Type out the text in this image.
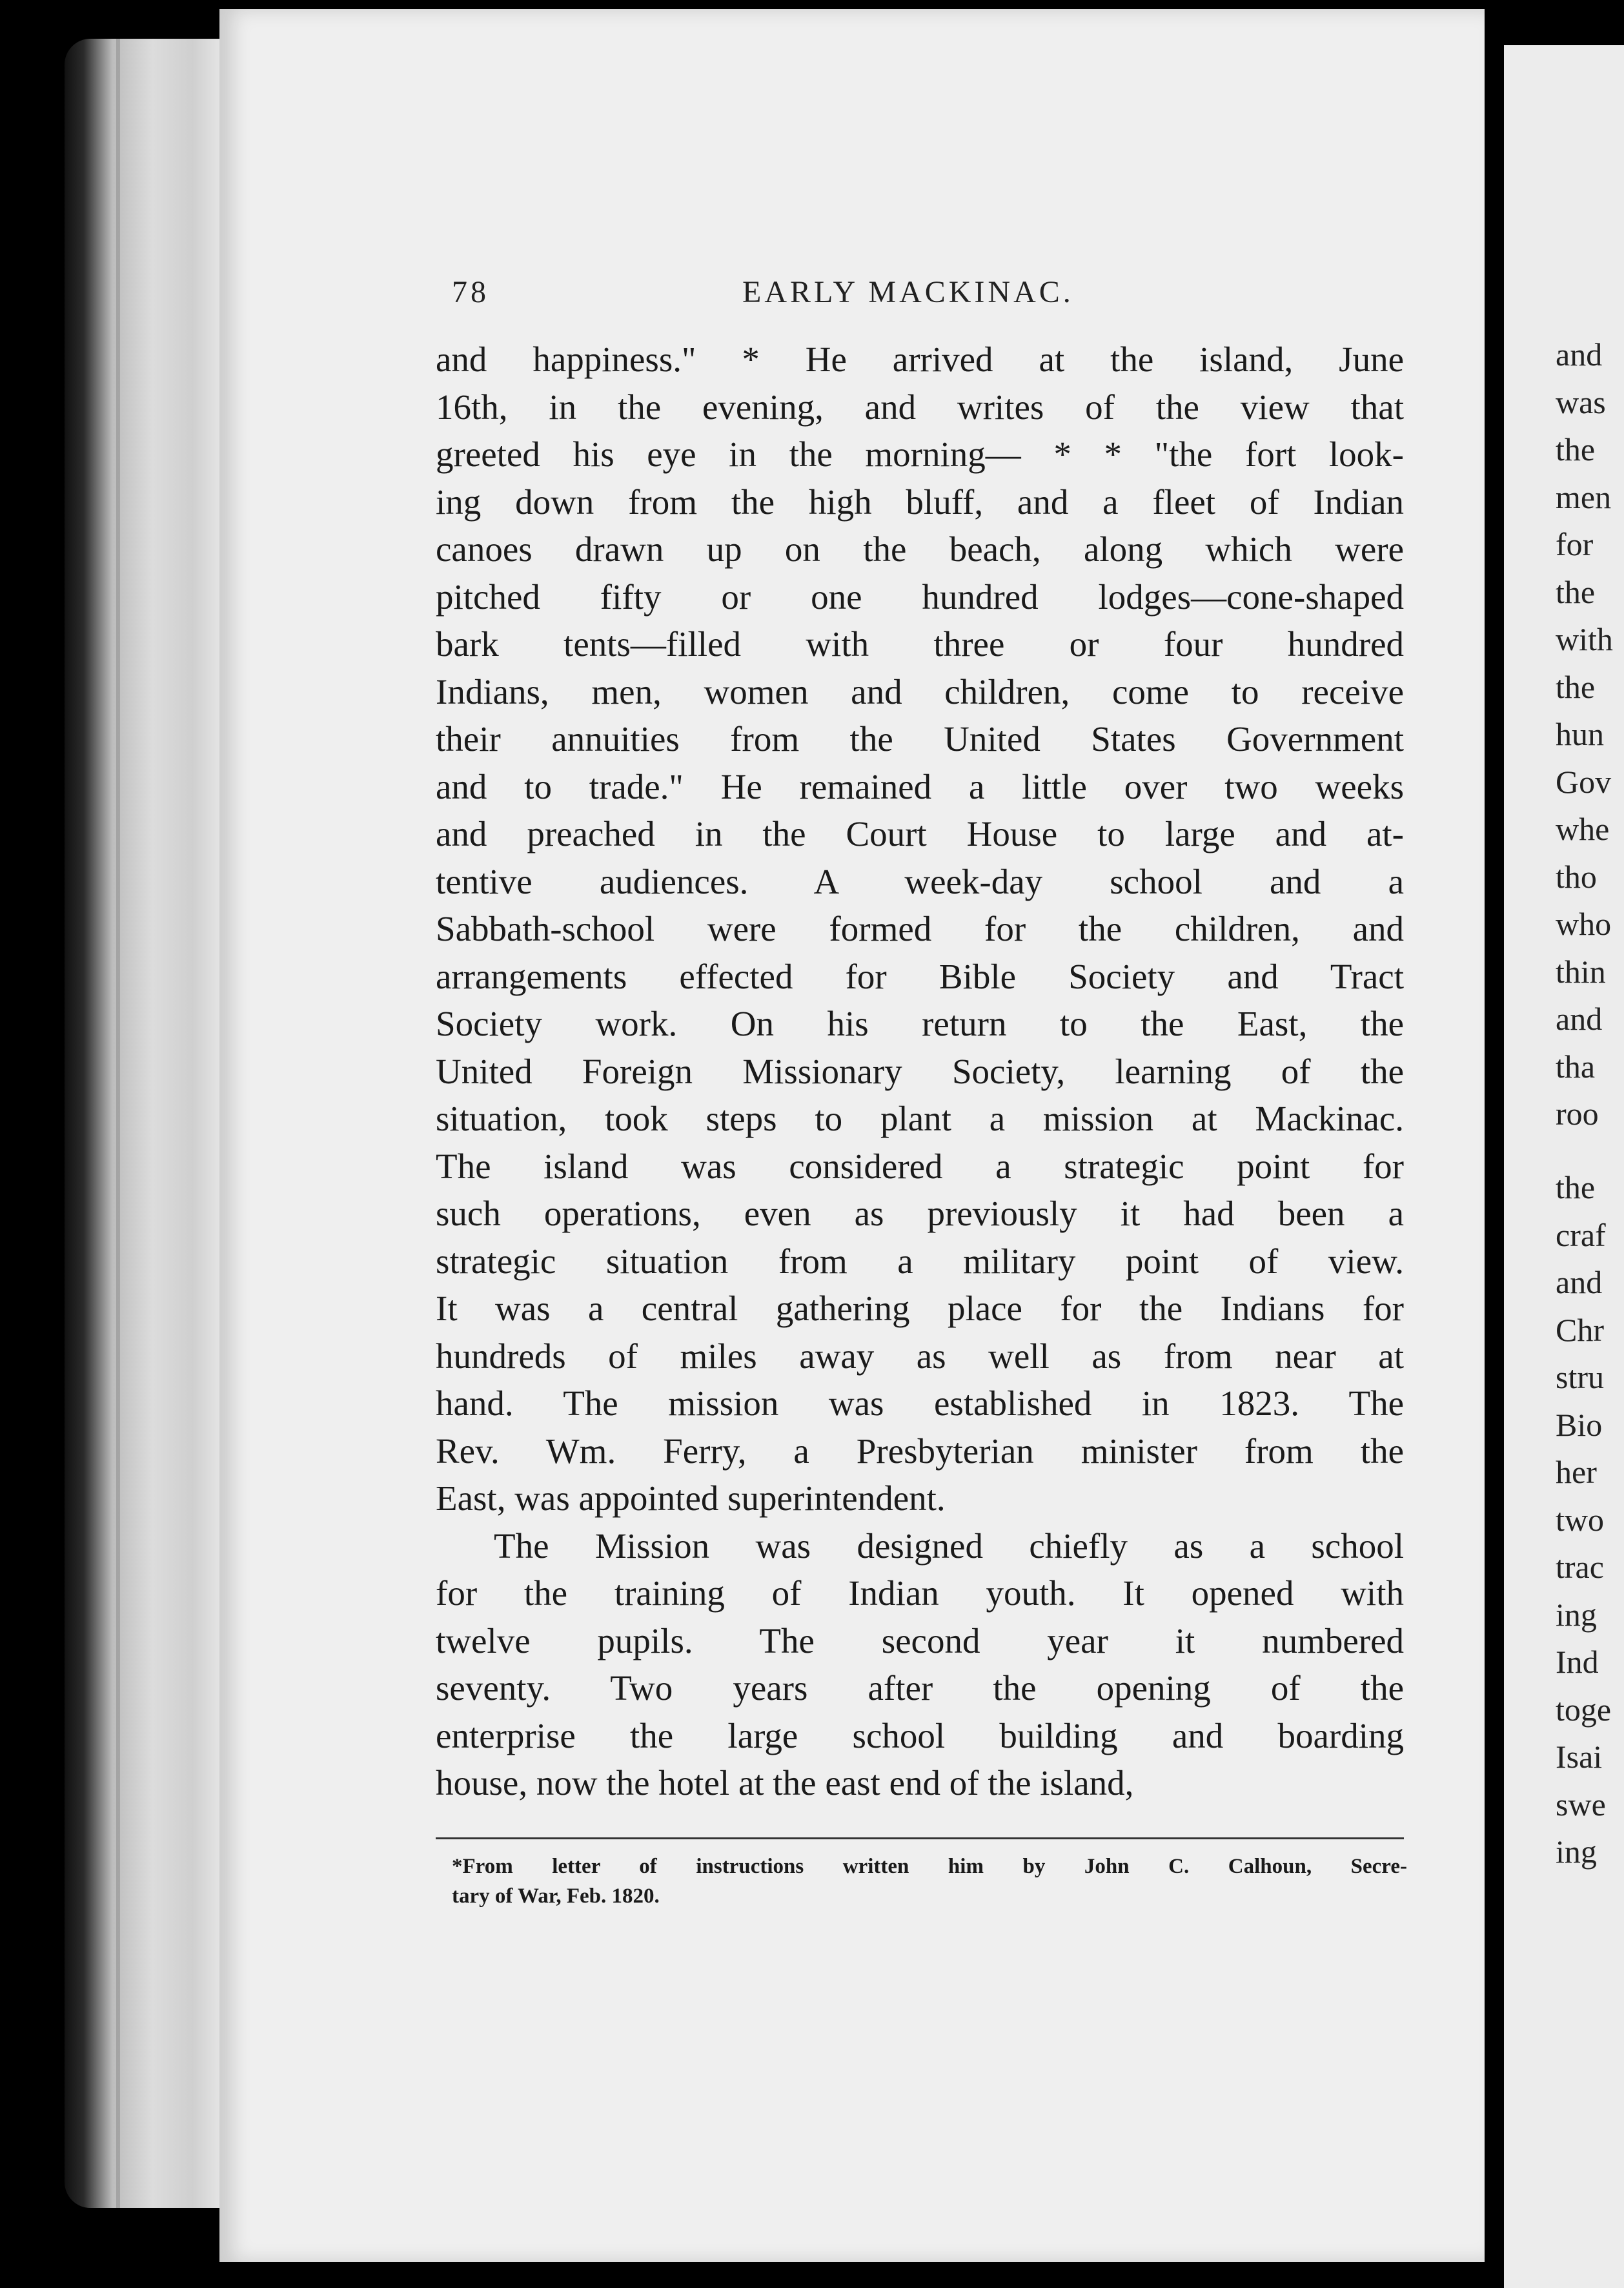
and
was
the
men
for
the
with
the
hun
Gov
whe
tho
who
thin
and
tha
roo
the
craf
and
Chr
stru
Bio
her
two
trac
ing
Ind
toge
Isai
swe
ing
78	EARLY MACKINAC.
and happiness." * He arrived at the island, June
16th, in the evening, and writes of the view that
greeted his eye in the morning— * * "the fort look-
ing down from the high bluff, and a fleet of Indian
canoes drawn up on the beach, along which were
pitched fifty or one hundred lodges—cone-shaped
bark tents—filled with three or four hundred
Indians, men, women and children, come to receive
their annuities from the United States Government
and to trade." He remained a little over two weeks
and preached in the Court House to large and at-
tentive audiences. A week-day school and a
Sabbath-school were formed for the children, and
arrangements effected for Bible Society and Tract
Society work. On his return to the East, the
United Foreign Missionary Society, learning of the
situation, took steps to plant a mission at Mackinac.
The island was considered a strategic point for
such operations, even as previously it had been a
strategic situation from a military point of view.
It was a central gathering place for the Indians for
hundreds of miles away as well as from near at
hand. The mission was established in 1823. The
Rev. Wm. Ferry, a Presbyterian minister from the
East, was appointed superintendent.
The Mission was designed chiefly as a school
for the training of Indian youth. It opened with
twelve pupils. The second year it numbered
seventy. Two years after the opening of the
enterprise the large school building and boarding
house, now the hotel at the east end of the island,
*From letter of instructions written him by John C. Calhoun, Secre-
tary of War, Feb. 1820.
